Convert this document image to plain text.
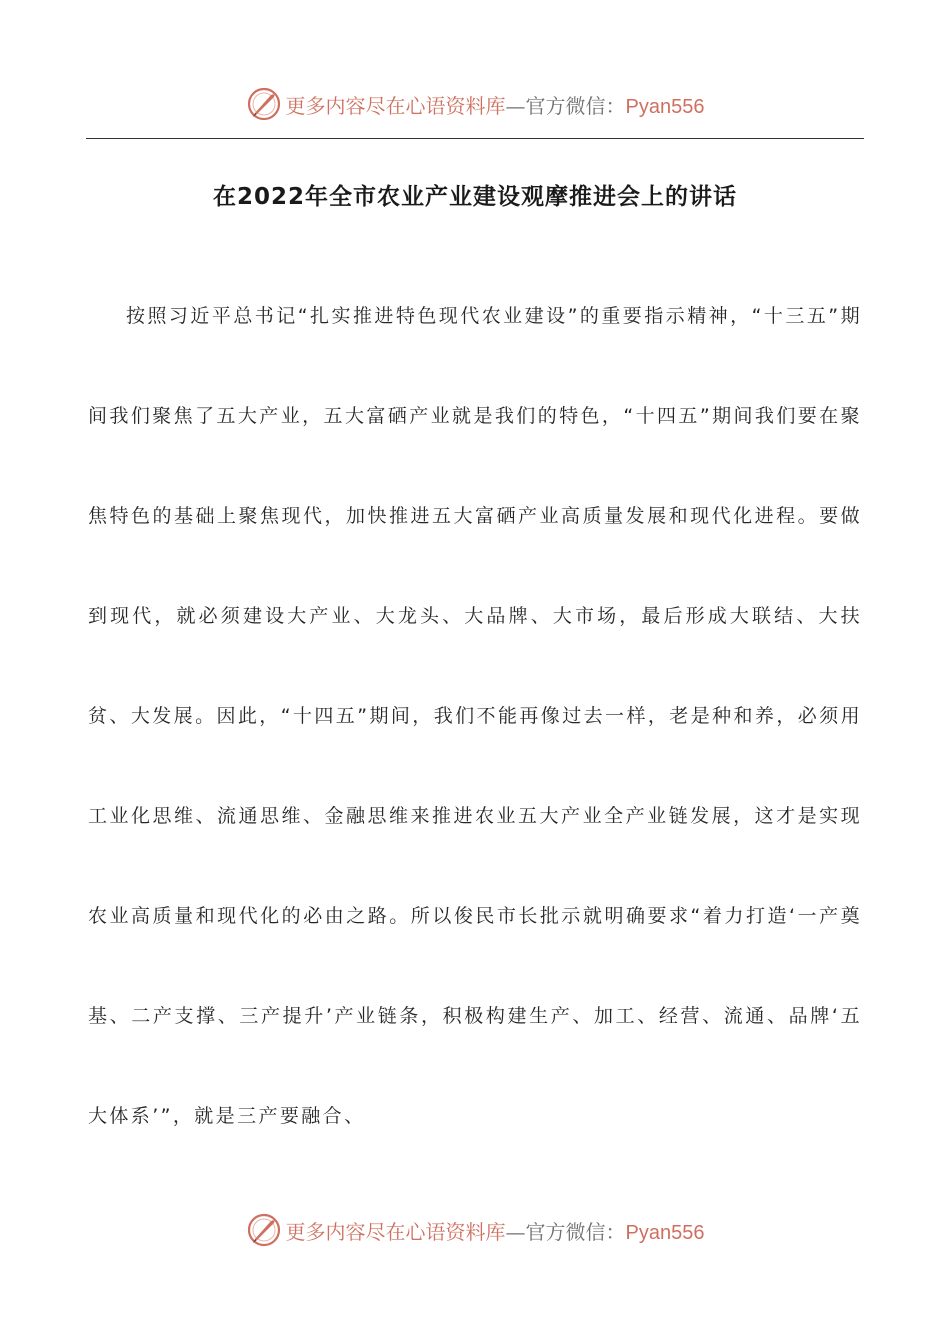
更多内容尽在心语资料库—官方微信：Pyan556
在2022年全市农业产业建设观摩推进会上的讲话

按照习近平总书记“扎实推进特色现代农业建设”的重要指示精神，“十三五”期间我们聚焦了五大产业，五大富硒产业就是我们的特色，“十四五”期间我们要在聚焦特色的基础上聚焦现代，加快推进五大富硒产业高质量发展和现代化进程。要做到现代，就必须建设大产业、大龙头、大品牌、大市场，最后形成大联结、大扶贫、大发展。因此，“十四五”期间，我们不能再像过去一样，老是种和养，必须用工业化思维、流通思维、金融思维来推进农业五大产业全产业链发展，这才是实现农业高质量和现代化的必由之路。所以俊民市长批示就明确要求“着力打造‘一产奠基、二产支撑、三产提升’产业链条，积极构建生产、加工、经营、流通、品牌‘五大体系’”，就是三产要融合、

更多内容尽在心语资料库—官方微信：Pyan556
